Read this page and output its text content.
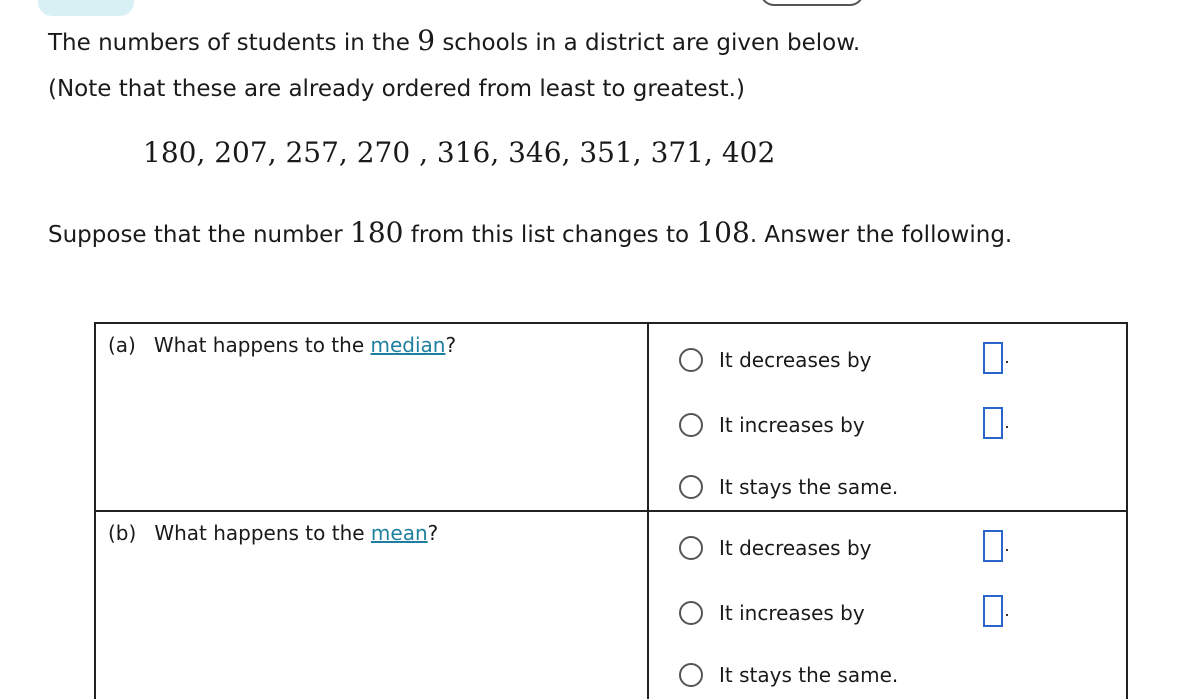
The numbers of students in the 9 schools in a district are given below.
(Note that these are already ordered from least to greatest.)
180, 207, 257, 270 , 316, 346, 351, 371, 402
Suppose that the number 180 from this list changes to 108. Answer the following.
(a) What happens to the median?	It decreases by
It increases by
It stays the same.

(b) What happens to the mean?	It decreases by
It increases by
It stays the same.
